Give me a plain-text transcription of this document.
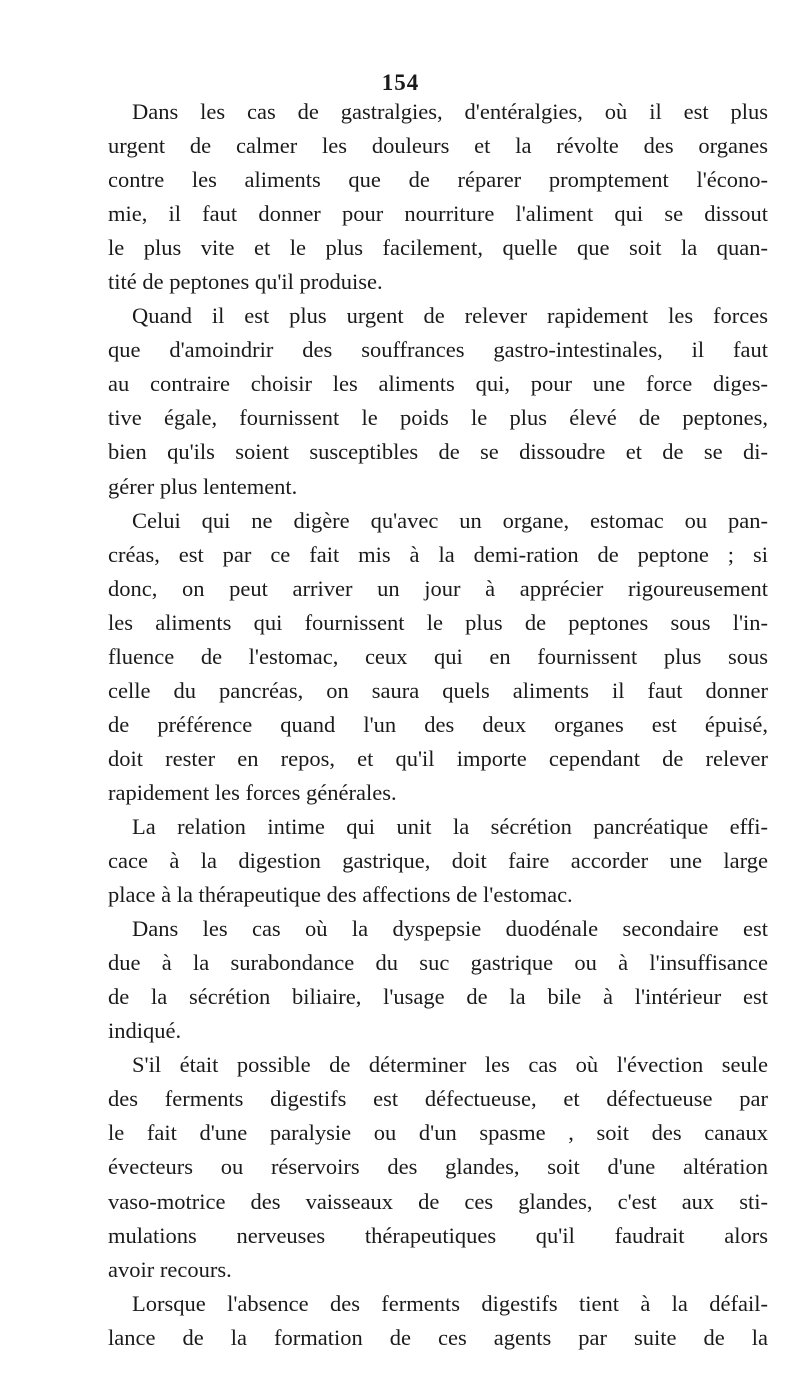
154
Dans les cas de gastralgies, d'entéralgies, où il est plus
urgent de calmer les douleurs et la révolte des organes
contre les aliments que de réparer promptement l'écono-
mie, il faut donner pour nourriture l'aliment qui se dissout
le plus vite et le plus facilement, quelle que soit la quan-
tité de peptones qu'il produise.
Quand il est plus urgent de relever rapidement les forces
que d'amoindrir des souffrances gastro-intestinales, il faut
au contraire choisir les aliments qui, pour une force diges-
tive égale, fournissent le poids le plus élevé de peptones,
bien qu'ils soient susceptibles de se dissoudre et de se di-
gérer plus lentement.
Celui qui ne digère qu'avec un organe, estomac ou pan-
créas, est par ce fait mis à la demi-ration de peptone ; si
donc, on peut arriver un jour à apprécier rigoureusement
les aliments qui fournissent le plus de peptones sous l'in-
fluence de l'estomac, ceux qui en fournissent plus sous
celle du pancréas, on saura quels aliments il faut donner
de préférence quand l'un des deux organes est épuisé,
doit rester en repos, et qu'il importe cependant de relever
rapidement les forces générales.
La relation intime qui unit la sécrétion pancréatique effi-
cace à la digestion gastrique, doit faire accorder une large
place à la thérapeutique des affections de l'estomac.
Dans les cas où la dyspepsie duodénale secondaire est
due à la surabondance du suc gastrique ou à l'insuffisance
de la sécrétion biliaire, l'usage de la bile à l'intérieur est
indiqué.
S'il était possible de déterminer les cas où l'évection seule
des ferments digestifs est défectueuse, et défectueuse par
le fait d'une paralysie ou d'un spasme , soit des canaux
évecteurs ou réservoirs des glandes, soit d'une altération
vaso-motrice des vaisseaux de ces glandes, c'est aux sti-
mulations nerveuses thérapeutiques qu'il faudrait alors
avoir recours.
Lorsque l'absence des ferments digestifs tient à la défail-
lance de la formation de ces agents par suite de la
